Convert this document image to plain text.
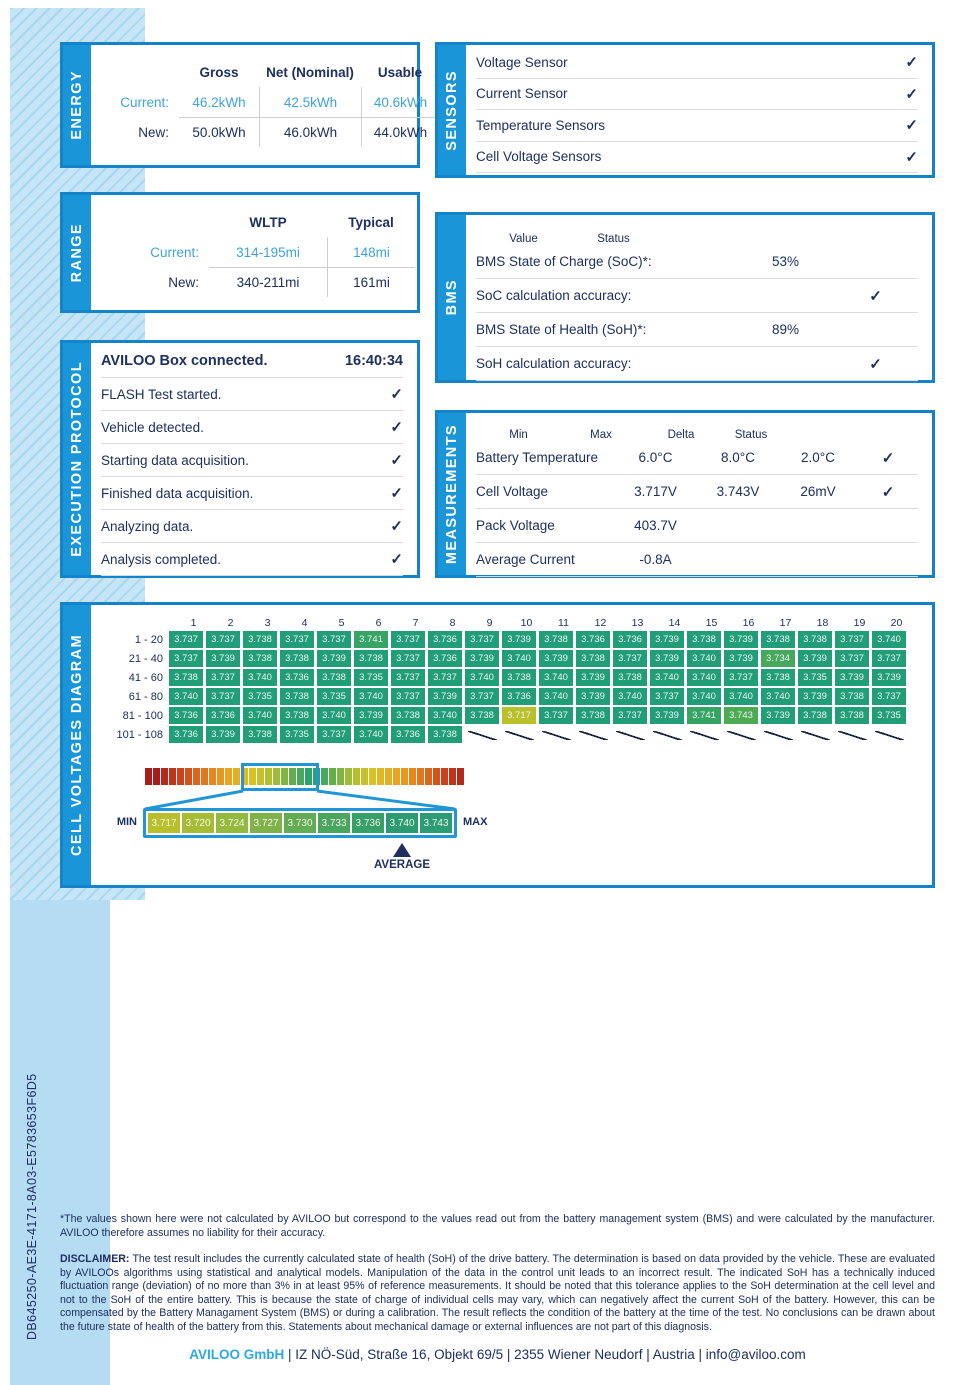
DB645250-AE3E-4171-8A03-E5783653F6D5
ENERGY	Gross	Net (Nominal)	Usable
Current:	46.2kWh	42.5kWh	40.6kWh
New:	50.0kWh	46.0kWh	44.0kWh
RANGE
WLTP	Typical
Current:	314-195mi	148mi
New:	340-211mi	161mi
EXECUTION PROTOCOL
AVILOO Box connected.	16:40:34
FLASH Test started.	✓
Vehicle detected.	✓
Starting data acquisition.	✓
Finished data acquisition.	✓
Analyzing data.	✓
Analysis completed.	✓
SENSORS
Voltage Sensor	✓
Current Sensor	✓
Temperature Sensors	✓
Cell Voltage Sensors	✓
BMS
Value	Status
BMS State of Charge (SoC)*:	53%
SoC calculation accuracy:	✓
BMS State of Health (SoH)*:	89%
SoH calculation accuracy:	✓
MEASUREMENTS	Min	Max	Delta	Status
Battery Temperature	6.0°C	8.0°C	2.0°C	✓
Cell Voltage	3.717V	3.743V	26mV	✓
Pack Voltage	403.7V
Average Current	-0.8A
CELL VOLTAGES DIAGRAM
1	2	3	4	5	6	7	8	9	10	11	12	13	14	15	16	17	18	19	20
1 - 20	3.737	3.737	3.738	3.737	3.737	3.741	3.737	3.736	3.737	3.739	3.738	3.736	3.736	3.739	3.738	3.739	3.738	3.738	3.737	3.740
21 - 40	3.737	3.739	3.738	3.738	3.739	3.738	3.737	3.736	3.739	3.740	3.739	3.738	3.737	3.739	3.740	3.739	3.734	3.739	3.737	3.737
41 - 60	3.738	3.737	3.740	3.736	3.738	3.735	3.737	3.737	3.740	3.738	3.740	3.739	3.738	3.740	3.740	3.737	3.738	3.735	3.739	3.739
61 - 80	3.740	3.737	3.735	3.738	3.735	3.740	3.737	3.739	3.737	3.736	3.740	3.739	3.740	3.737	3.740	3.740	3.740	3.739	3.738	3.737
81 - 100	3.736	3.736	3.740	3.738	3.740	3.739	3.738	3.740	3.738	3.717	3.737	3.738	3.737	3.739	3.741	3.743	3.739	3.738	3.738	3.735
101 - 108	3.736	3.739	3.738	3.735	3.737	3.740	3.736	3.738
MIN	3.717 3.720 3.724 3.727 3.730 3.733 3.736 3.740 3.743	MAX
AVERAGE

*The values shown here were not calculated by AVILOO but correspond to the values read out from the battery management system (BMS) and were calculated by the manufacturer. AVILOO therefore assumes no liability for their accuracy.

DISCLAIMER: The test result includes the currently calculated state of health (SoH) of the drive battery. The determination is based on data provided by the vehicle. These are evaluated by AVILOOs algorithms using statistical and analytical models. Manipulation of the data in the control unit leads to an incorrect result. The indicated SoH has a technically induced fluctuation range (deviation) of no more than 3% in at least 95% of reference measurements. It should be noted that this tolerance applies to the SoH determination at the cell level and not to the SoH of the entire battery. This is because the state of charge of individual cells may vary, which can negatively affect the current SoH of the battery. However, this can be compensated by the Battery Managament System (BMS) or during a calibration. The result reflects the condition of the battery at the time of the test. No conclusions can be drawn about the future state of health of the battery from this. Statements about mechanical damage or external influences are not part of this diagnosis.

AVILOO GmbH | IZ NÖ-Süd, Straße 16, Objekt 69/5 | 2355 Wiener Neudorf | Austria | info@aviloo.com
